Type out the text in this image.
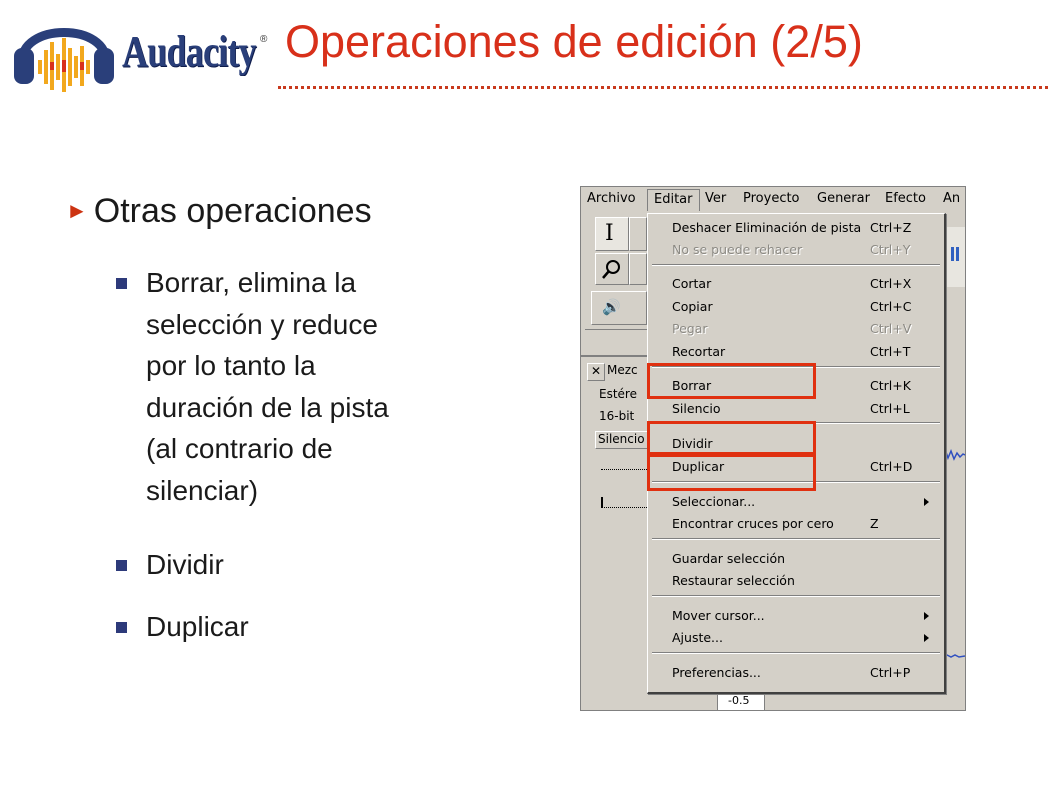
Audacity ® Operaciones de edición (2/5)
► Otras operaciones
Borrar, elimina la
selección y reduce
por lo tanto la
duración de la pista
(al contrario de
silenciar)
Dividir
Duplicar
Archivo	Editar Ver Proyecto Generar Efecto An
I
🔊
✕ Mezc
Estére
16-bit
Silencio
-0.5
Deshacer Eliminación de pista Ctrl+Z
No se puede rehacer	Ctrl+Y
Cortar	Ctrl+X
Copiar	Ctrl+C
Pegar	Ctrl+V
Recortar	Ctrl+T
Borrar	Ctrl+K
Silencio	Ctrl+L
Dividir
Duplicar	Ctrl+D
Seleccionar...
Encontrar cruces por cero	Z
Guardar selección
Restaurar selección
Mover cursor...
Ajuste...
Preferencias...	Ctrl+P
